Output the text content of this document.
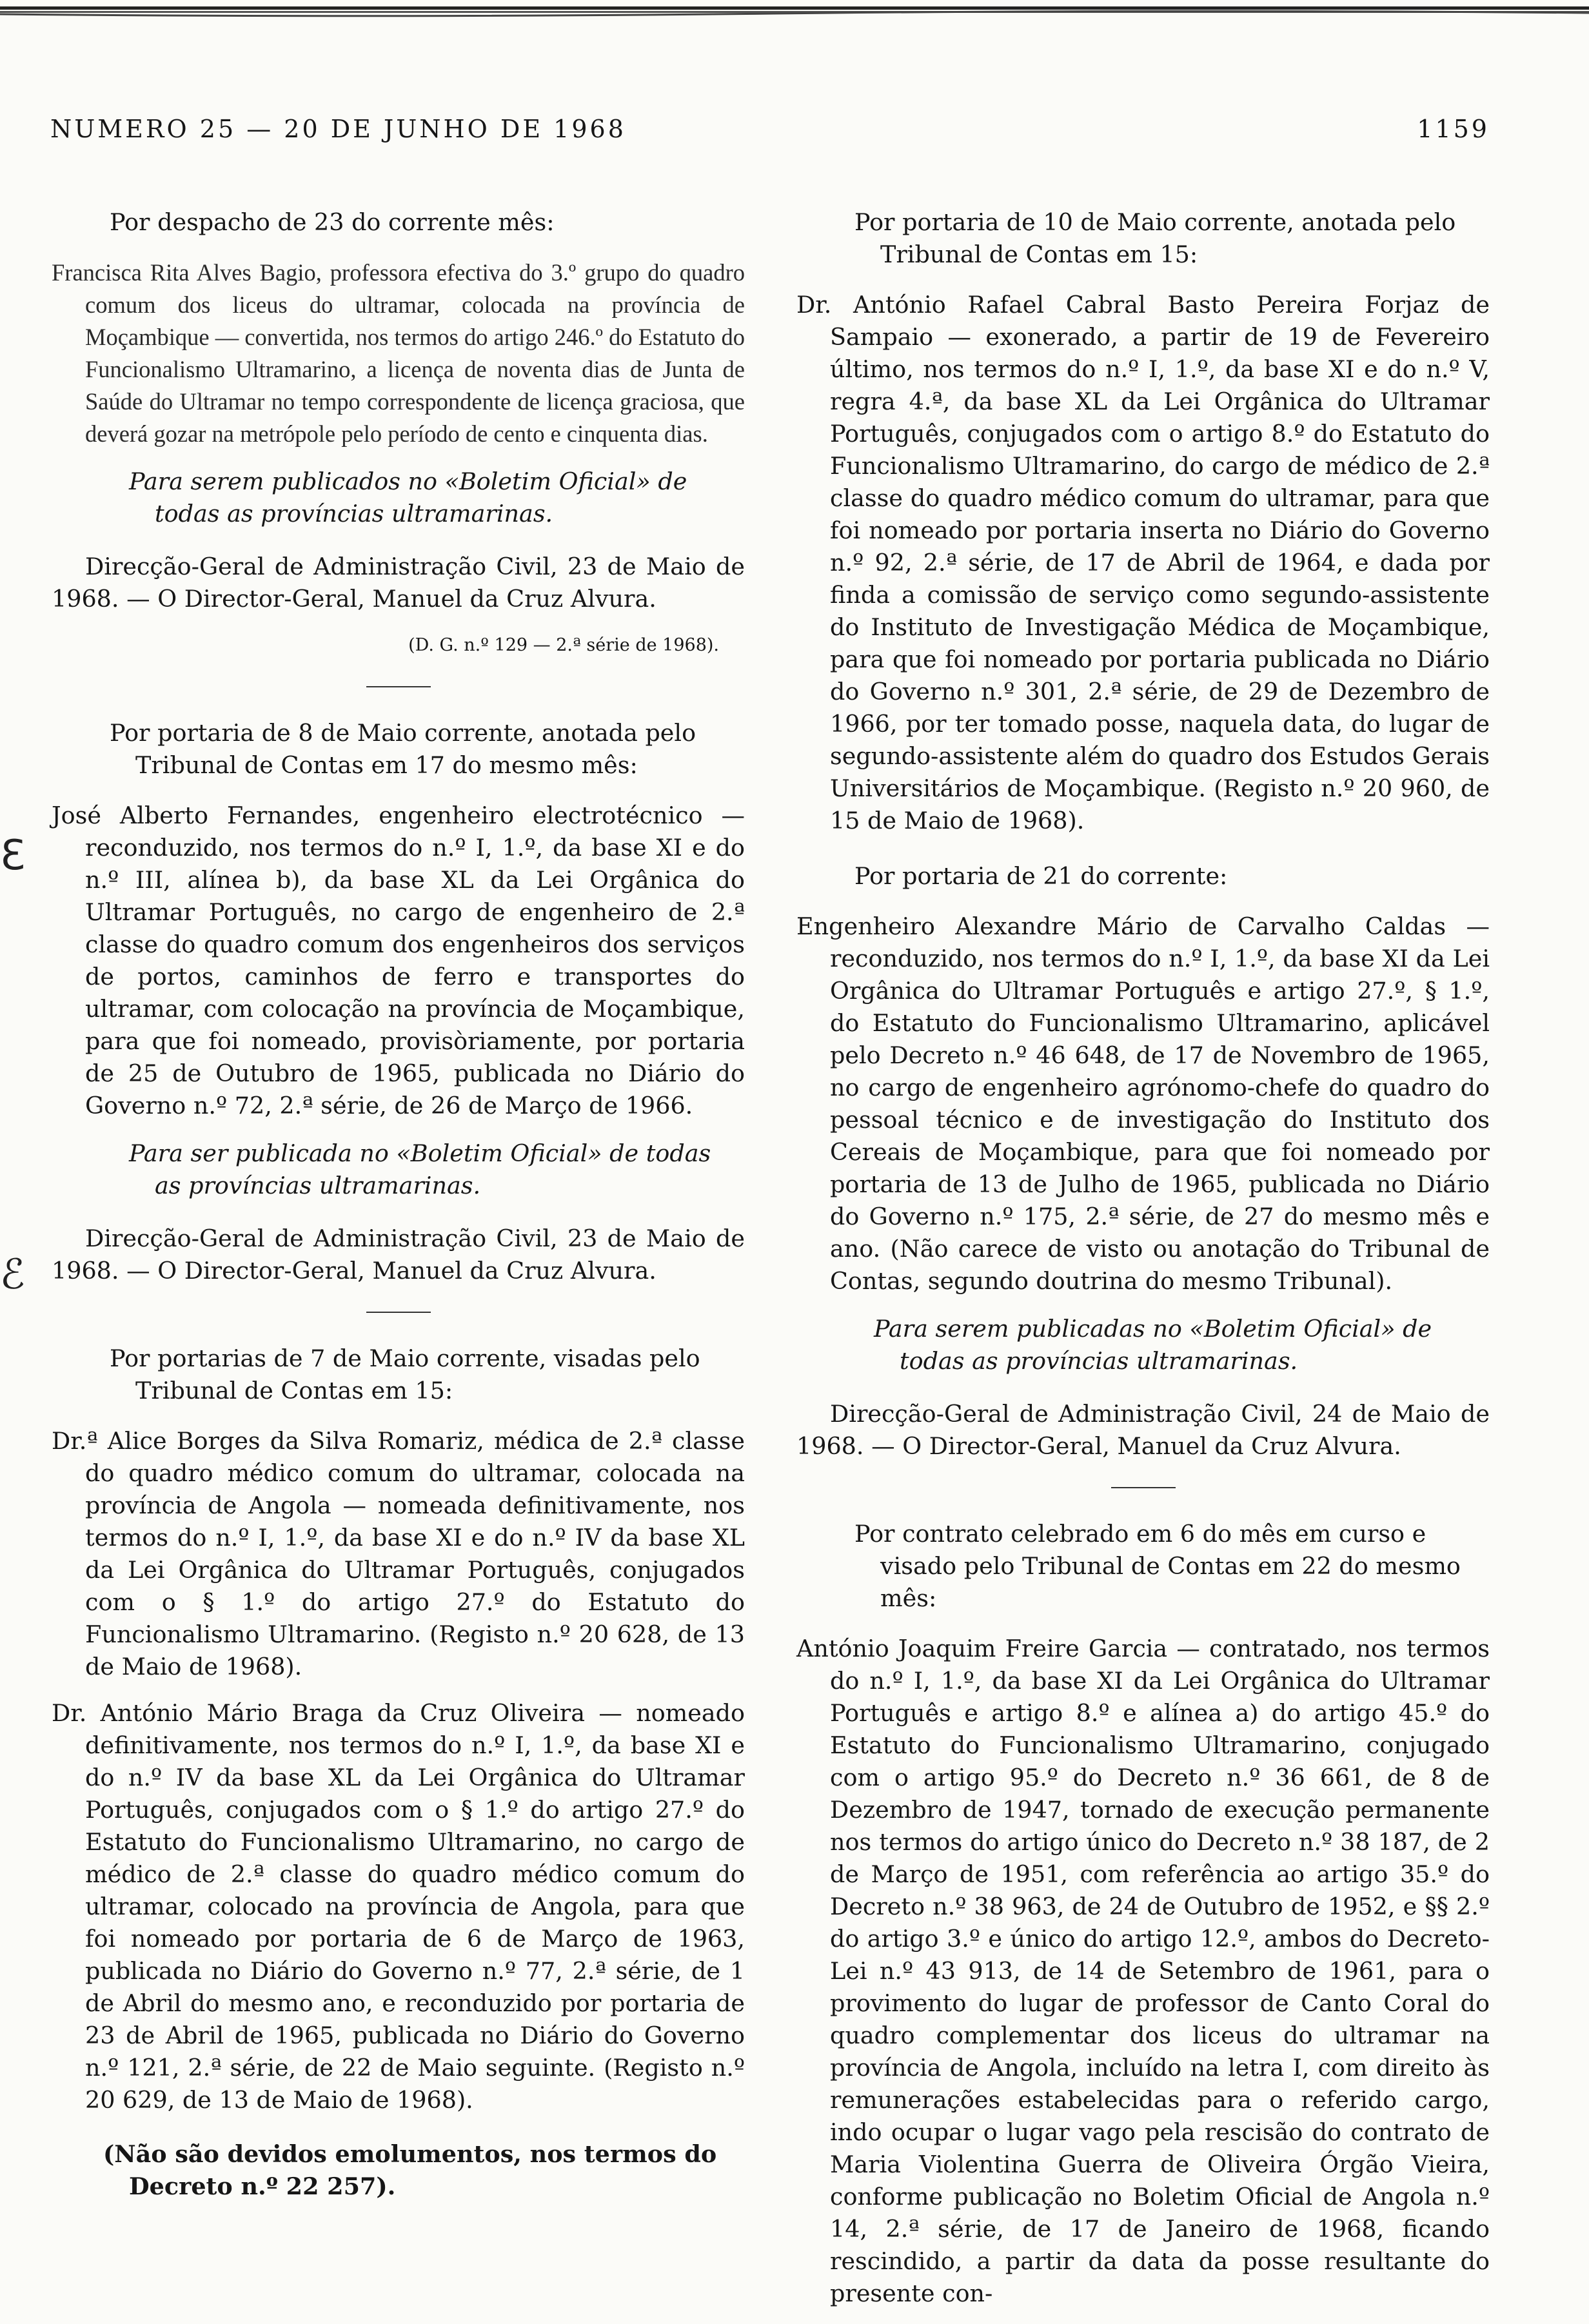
NUMERO 25 — 20 DE JUNHO DE 1968	1159
ℇ
ℰ

Por despacho de 23 do corrente mês:

Francisca Rita Alves Bagio, professora efectiva do 3.º grupo do quadro comum dos liceus do ultramar, colocada na província de Moçambique — convertida, nos termos do artigo 246.º do Estatuto do Funcionalismo Ultramarino, a licença de noventa dias de Junta de Saúde do Ultramar no tempo correspondente de licença graciosa, que deverá gozar na metrópole pelo período de cento e cinquenta dias.

Para serem publicados no «Boletim Oficial» de todas as províncias ultramarinas.

Direcção-Geral de Administração Civil, 23 de Maio de 1968. — O Director-Geral, Manuel da Cruz Alvura.

(D. G. n.º 129 — 2.ª série de 1968).

Por portaria de 8 de Maio corrente, anotada pelo Tribunal de Contas em 17 do mesmo mês:

José Alberto Fernandes, engenheiro electrotécnico — reconduzido, nos termos do n.º I, 1.º, da base XI e do n.º III, alínea b), da base XL da Lei Orgânica do Ultramar Português, no cargo de engenheiro de 2.ª classe do quadro comum dos engenheiros dos serviços de portos, caminhos de ferro e transportes do ultramar, com colocação na província de Moçambique, para que foi nomeado, provisòriamente, por portaria de 25 de Outubro de 1965, publicada no Diário do Governo n.º 72, 2.ª série, de 26 de Março de 1966.

Para ser publicada no «Boletim Oficial» de todas as províncias ultramarinas.

Direcção-Geral de Administração Civil, 23 de Maio de 1968. — O Director-Geral, Manuel da Cruz Alvura.

Por portarias de 7 de Maio corrente, visadas pelo Tribunal de Contas em 15:

Dr.ª Alice Borges da Silva Romariz, médica de 2.ª classe do quadro médico comum do ultramar, colocada na província de Angola — nomeada definitivamente, nos termos do n.º I, 1.º, da base XI e do n.º IV da base XL da Lei Orgânica do Ultramar Português, conjugados com o § 1.º do artigo 27.º do Estatuto do Funcionalismo Ultramarino. (Registo n.º 20 628, de 13 de Maio de 1968).

Dr. António Mário Braga da Cruz Oliveira — nomeado definitivamente, nos termos do n.º I, 1.º, da base XI e do n.º IV da base XL da Lei Orgânica do Ultramar Português, conjugados com o § 1.º do artigo 27.º do Estatuto do Funcionalismo Ultramarino, no cargo de médico de 2.ª classe do quadro médico comum do ultramar, colocado na província de Angola, para que foi nomeado por portaria de 6 de Março de 1963, publicada no Diário do Governo n.º 77, 2.ª série, de 1 de Abril do mesmo ano, e reconduzido por portaria de 23 de Abril de 1965, publicada no Diário do Governo n.º 121, 2.ª série, de 22 de Maio seguinte. (Registo n.º 20 629, de 13 de Maio de 1968).

(Não são devidos emolumentos, nos termos do Decreto n.º 22 257).

Por portaria de 10 de Maio corrente, anotada pelo Tribunal de Contas em 15:

Dr. António Rafael Cabral Basto Pereira Forjaz de Sampaio — exonerado, a partir de 19 de Fevereiro último, nos termos do n.º I, 1.º, da base XI e do n.º V, regra 4.ª, da base XL da Lei Orgânica do Ultramar Português, conjugados com o artigo 8.º do Estatuto do Funcionalismo Ultramarino, do cargo de médico de 2.ª classe do quadro médico comum do ultramar, para que foi nomeado por portaria inserta no Diário do Governo n.º 92, 2.ª série, de 17 de Abril de 1964, e dada por finda a comissão de serviço como segundo-assistente do Instituto de Investigação Médica de Moçambique, para que foi nomeado por portaria publicada no Diário do Governo n.º 301, 2.ª série, de 29 de Dezembro de 1966, por ter tomado posse, naquela data, do lugar de segundo-assistente além do quadro dos Estudos Gerais Universitários de Moçambique. (Registo n.º 20 960, de 15 de Maio de 1968).

Por portaria de 21 do corrente:

Engenheiro Alexandre Mário de Carvalho Caldas — reconduzido, nos termos do n.º I, 1.º, da base XI da Lei Orgânica do Ultramar Português e artigo 27.º, § 1.º, do Estatuto do Funcionalismo Ultramarino, aplicável pelo Decreto n.º 46 648, de 17 de Novembro de 1965, no cargo de engenheiro agrónomo-chefe do quadro do pessoal técnico e de investigação do Instituto dos Cereais de Moçambique, para que foi nomeado por portaria de 13 de Julho de 1965, publicada no Diário do Governo n.º 175, 2.ª série, de 27 do mesmo mês e ano. (Não carece de visto ou anotação do Tribunal de Contas, segundo doutrina do mesmo Tribunal).

Para serem publicadas no «Boletim Oficial» de todas as províncias ultramarinas.

Direcção-Geral de Administração Civil, 24 de Maio de 1968. — O Director-Geral, Manuel da Cruz Alvura.

Por contrato celebrado em 6 do mês em curso e visado pelo Tribunal de Contas em 22 do mesmo mês:

António Joaquim Freire Garcia — contratado, nos termos do n.º I, 1.º, da base XI da Lei Orgânica do Ultramar Português e artigo 8.º e alínea a) do artigo 45.º do Estatuto do Funcionalismo Ultramarino, conjugado com o artigo 95.º do Decreto n.º 36 661, de 8 de Dezembro de 1947, tornado de execução permanente nos termos do artigo único do Decreto n.º 38 187, de 2 de Março de 1951, com referência ao artigo 35.º do Decreto n.º 38 963, de 24 de Outubro de 1952, e §§ 2.º do artigo 3.º e único do artigo 12.º, ambos do Decreto-Lei n.º 43 913, de 14 de Setembro de 1961, para o provimento do lugar de professor de Canto Coral do quadro complementar dos liceus do ultramar na província de Angola, incluído na letra I, com direito às remunerações estabelecidas para o referido cargo, indo ocupar o lugar vago pela rescisão do contrato de Maria Violentina Guerra de Oliveira Órgão Vieira, conforme publicação no Boletim Oficial de Angola n.º 14, 2.ª série, de 17 de Janeiro de 1968, ficando rescindido, a partir da data da posse resultante do presente con-
